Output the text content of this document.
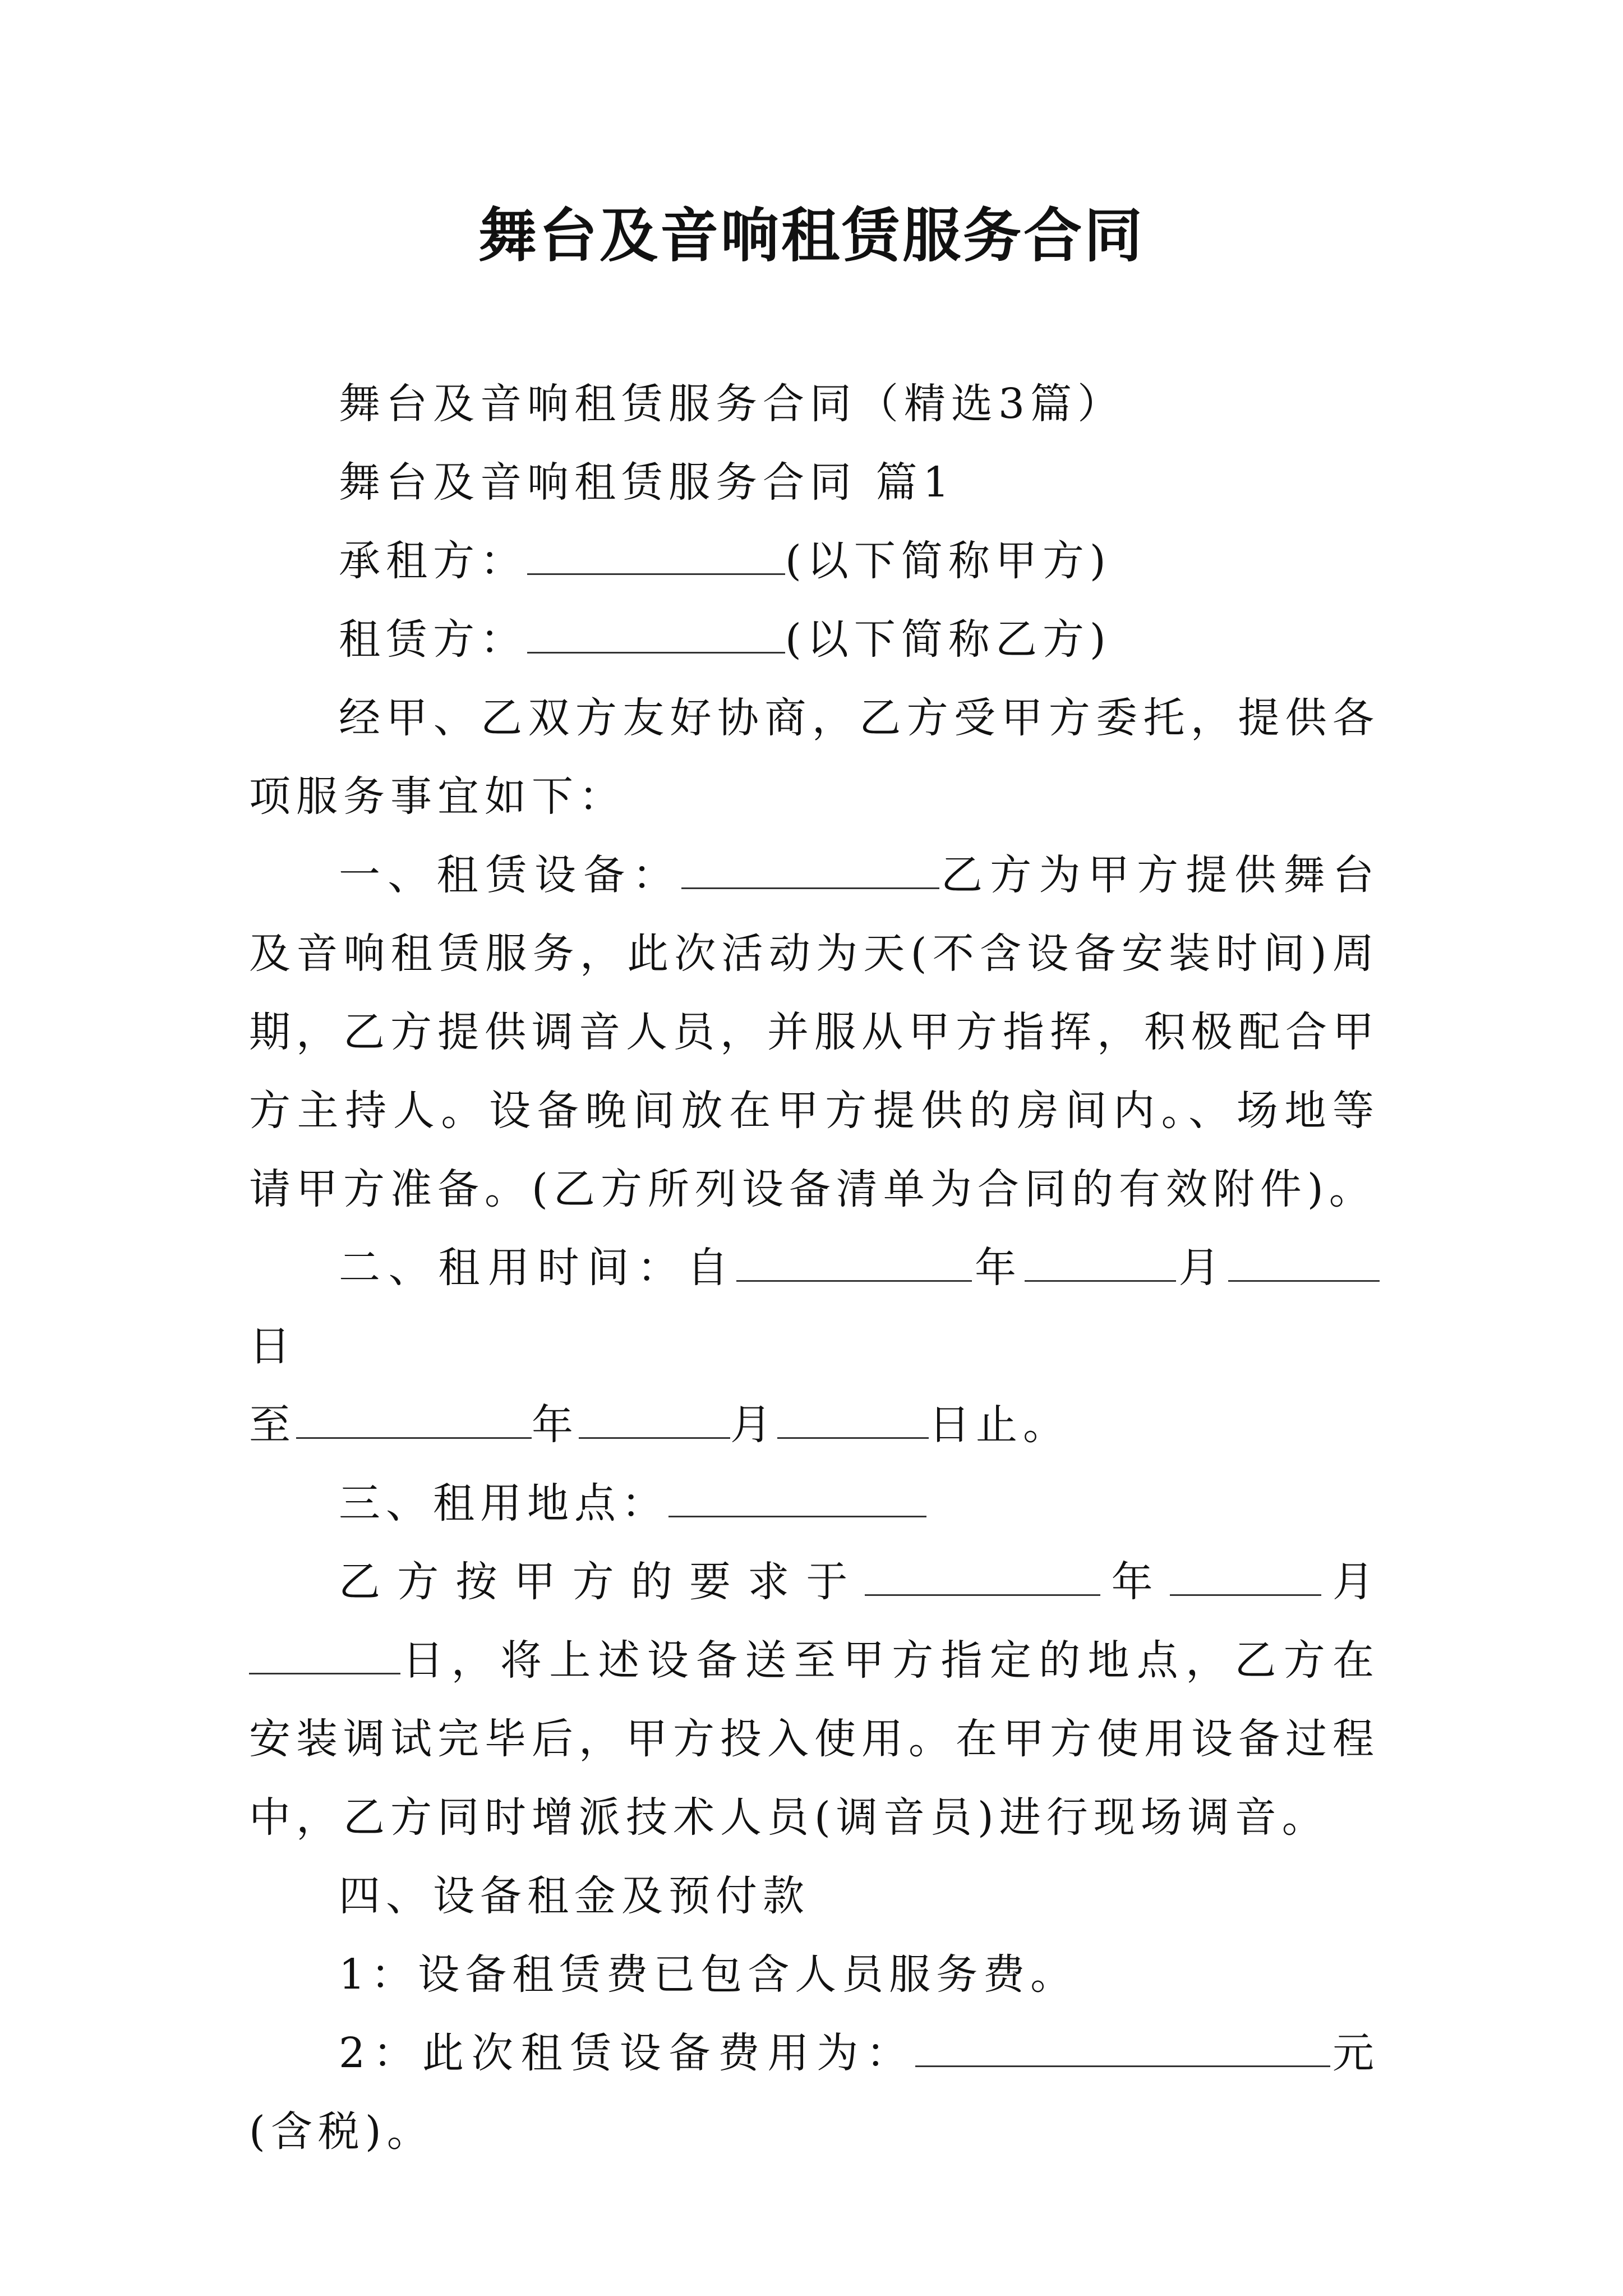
舞台及音响租赁服务合同

舞台及音响租赁服务合同（精选3篇）

舞台及音响租赁服务合同 篇1

承租方：	(以下简称甲方)

租赁方：	(以下简称乙方)

经甲、乙双方友好协商，乙方受甲方委托，提供各项服务事宜如下：

一、租赁设备：	乙方为甲方提供舞台及音响租赁服务，此次活动为天(不含设备安装时间)周期，乙方提供调音人员，并服从甲方指挥，积极配合甲方主持人。设备晚间放在甲方提供的房间内。、场地等请甲方准备。(乙方所列设备清单为合同的有效附件)。

二、租用时间：自	年	月日

至	年	月	日止。

三、租用地点：

乙方按甲方的要求于	年	月日，将上述设备送至甲方指定的地点，乙方在安装调试完毕后，甲方投入使用。在甲方使用设备过程中，乙方同时增派技术人员(调音员)进行现场调音。

四、设备租金及预付款

1：设备租赁费已包含人员服务费。

2：此次租赁设备费用为：	元(含税)。
